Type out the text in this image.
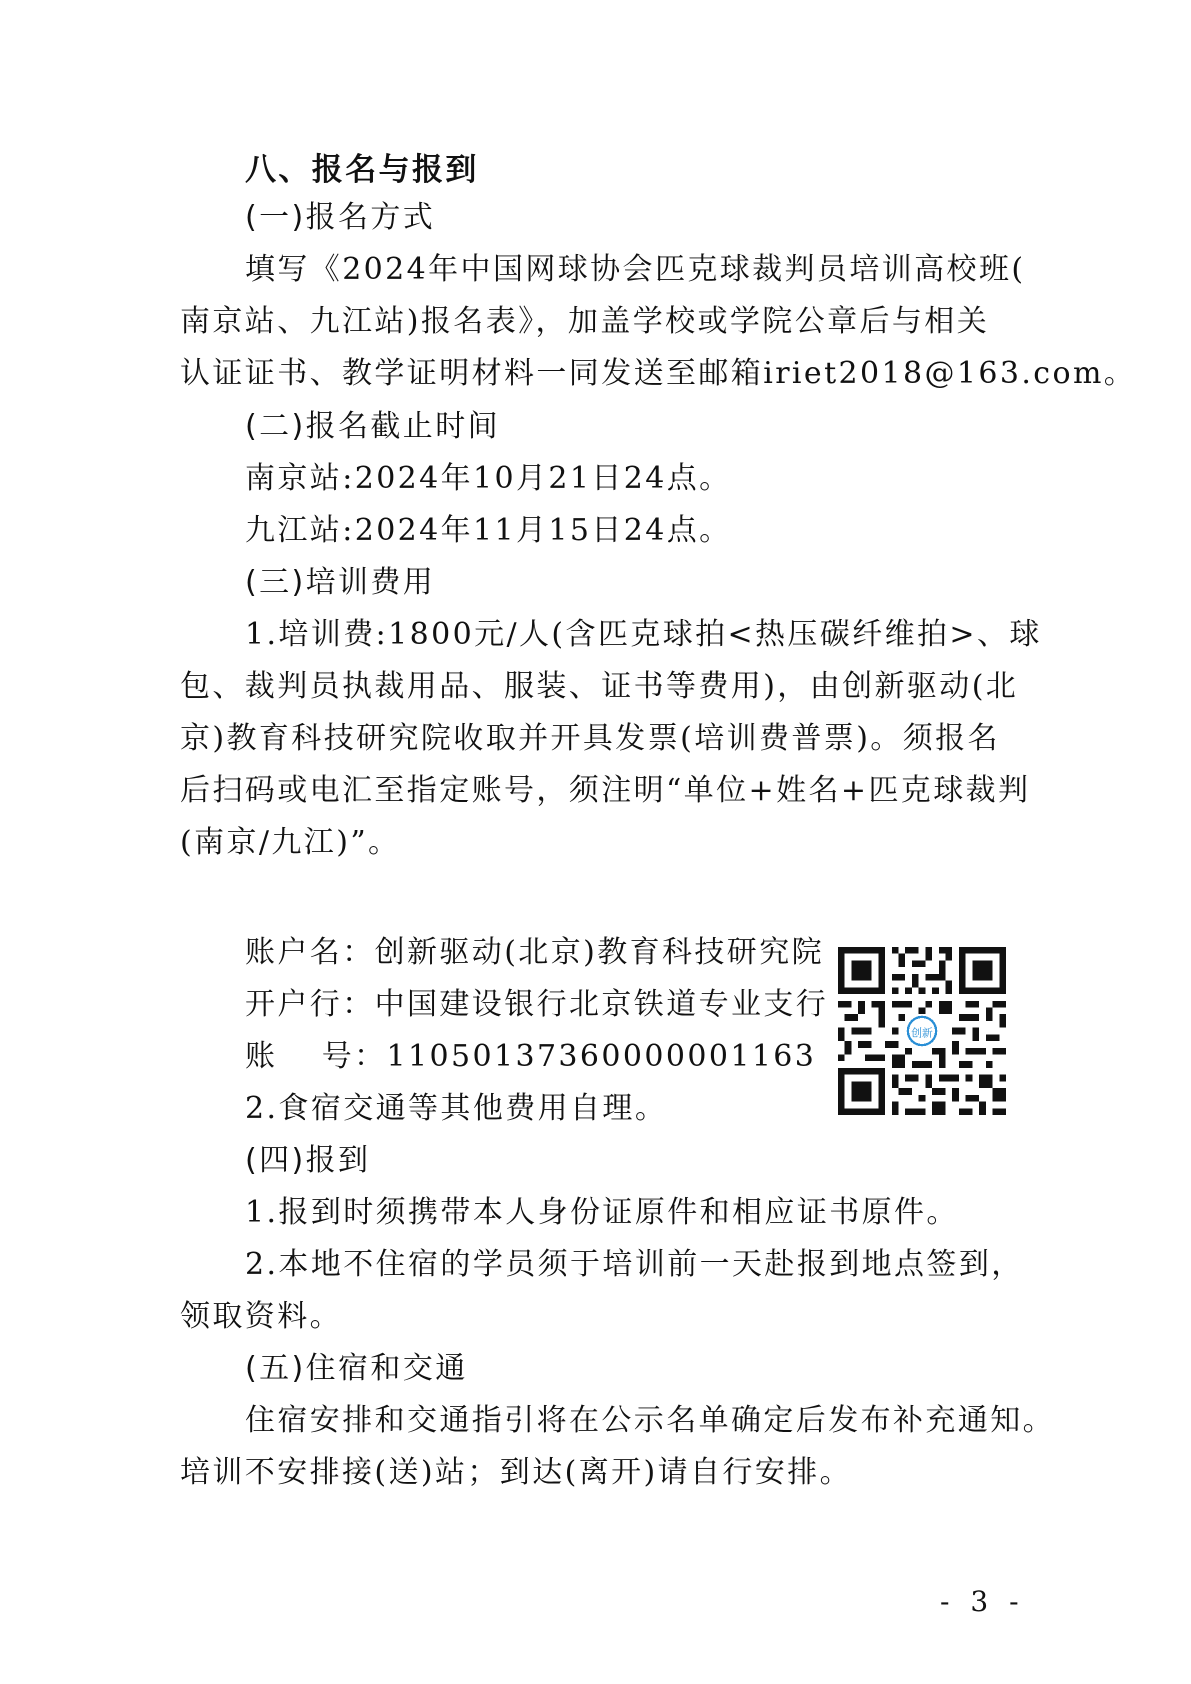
八、报名与报到
(一)报名方式
填写《2024年中国网球协会匹克球裁判员培训高校班(
南京站、九江站)报名表》，加盖学校或学院公章后与相关
认证证书、教学证明材料一同发送至邮箱iriet2018@163.com。
(二)报名截止时间
南京站:2024年10月21日24点。
九江站:2024年11月15日24点。
(三)培训费用
1.培训费:1800元/人(含匹克球拍<热压碳纤维拍>、球
包、裁判员执裁用品、服装、证书等费用)，由创新驱动(北
京)教育科技研究院收取并开具发票(培训费普票)。须报名
后扫码或电汇至指定账号，须注明“单位+姓名+匹克球裁判
(南京/九江)”。
账户名：创新驱动(北京)教育科技研究院
开户行：中国建设银行北京铁道专业支行
账　 号：11050137360000001163
创新
2.食宿交通等其他费用自理。
(四)报到
1.报到时须携带本人身份证原件和相应证书原件。
2.本地不住宿的学员须于培训前一天赴报到地点签到，
领取资料。
(五)住宿和交通
住宿安排和交通指引将在公示名单确定后发布补充通知。
培训不安排接(送)站；到达(离开)请自行安排。
- 3 -
